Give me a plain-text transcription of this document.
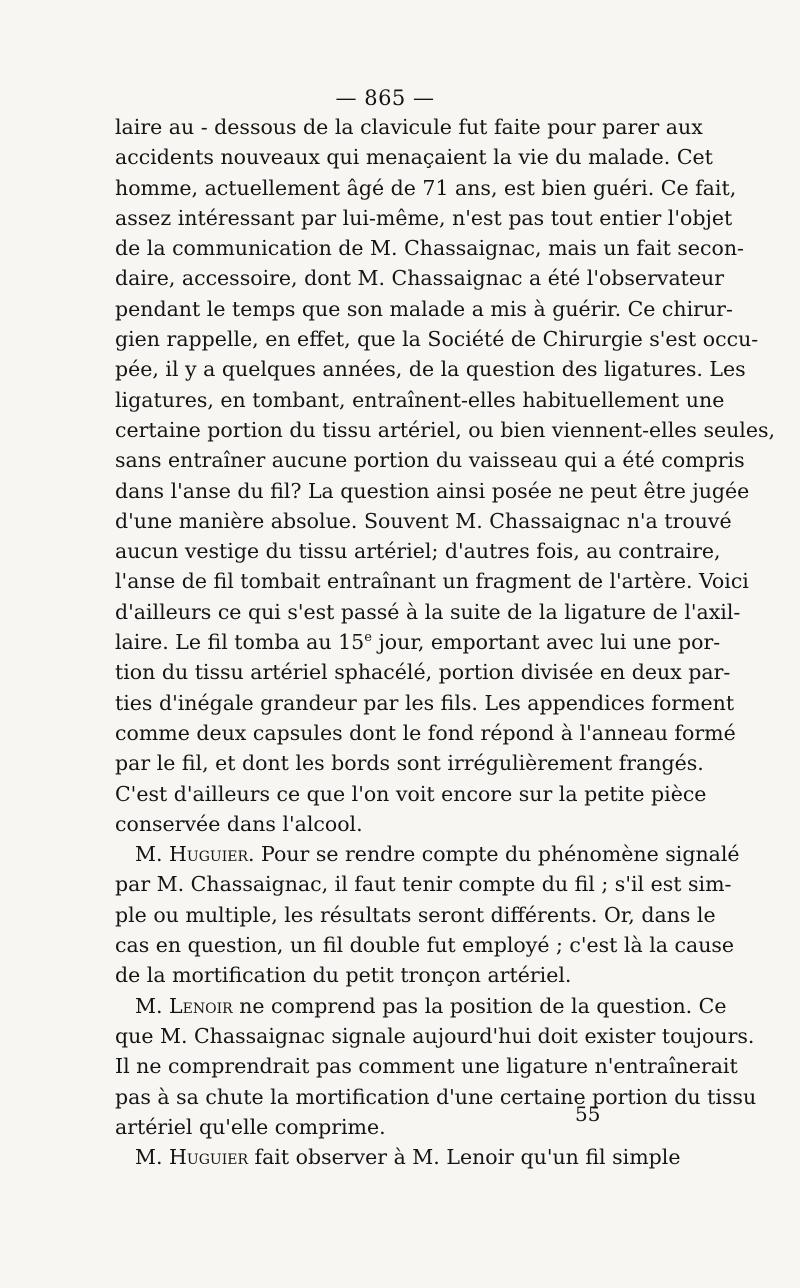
— 865 —
laire au - dessous de la clavicule fut faite pour parer aux
accidents nouveaux qui menaçaient la vie du malade. Cet
homme, actuellement âgé de 71 ans, est bien guéri. Ce fait,
assez intéressant par lui-même, n'est pas tout entier l'objet
de la communication de M. Chassaignac, mais un fait secon-
daire, accessoire, dont M. Chassaignac a été l'observateur
pendant le temps que son malade a mis à guérir. Ce chirur-
gien rappelle, en effet, que la Société de Chirurgie s'est occu-
pée, il y a quelques années, de la question des ligatures. Les
ligatures, en tombant, entraînent-elles habituellement une
certaine portion du tissu artériel, ou bien viennent-elles seules,
sans entraîner aucune portion du vaisseau qui a été compris
dans l'anse du fil? La question ainsi posée ne peut être jugée
d'une manière absolue. Souvent M. Chassaignac n'a trouvé
aucun vestige du tissu artériel; d'autres fois, au contraire,
l'anse de fil tombait entraînant un fragment de l'artère. Voici
d'ailleurs ce qui s'est passé à la suite de la ligature de l'axil-
laire. Le fil tomba au 15e jour, emportant avec lui une por-
tion du tissu artériel sphacélé, portion divisée en deux par-
ties d'inégale grandeur par les fils. Les appendices forment
comme deux capsules dont le fond répond à l'anneau formé
par le fil, et dont les bords sont irrégulièrement frangés.
C'est d'ailleurs ce que l'on voit encore sur la petite pièce
conservée dans l'alcool.
M. Huguier. Pour se rendre compte du phénomène signalé
par M. Chassaignac, il faut tenir compte du fil ; s'il est sim-
ple ou multiple, les résultats seront différents. Or, dans le
cas en question, un fil double fut employé ; c'est là la cause
de la mortification du petit tronçon artériel.
M. Lenoir ne comprend pas la position de la question. Ce
que M. Chassaignac signale aujourd'hui doit exister toujours.
Il ne comprendrait pas comment une ligature n'entraînerait
pas à sa chute la mortification d'une certaine portion du tissu
artériel qu'elle comprime.
M. Huguier fait observer à M. Lenoir qu'un fil simple
55
